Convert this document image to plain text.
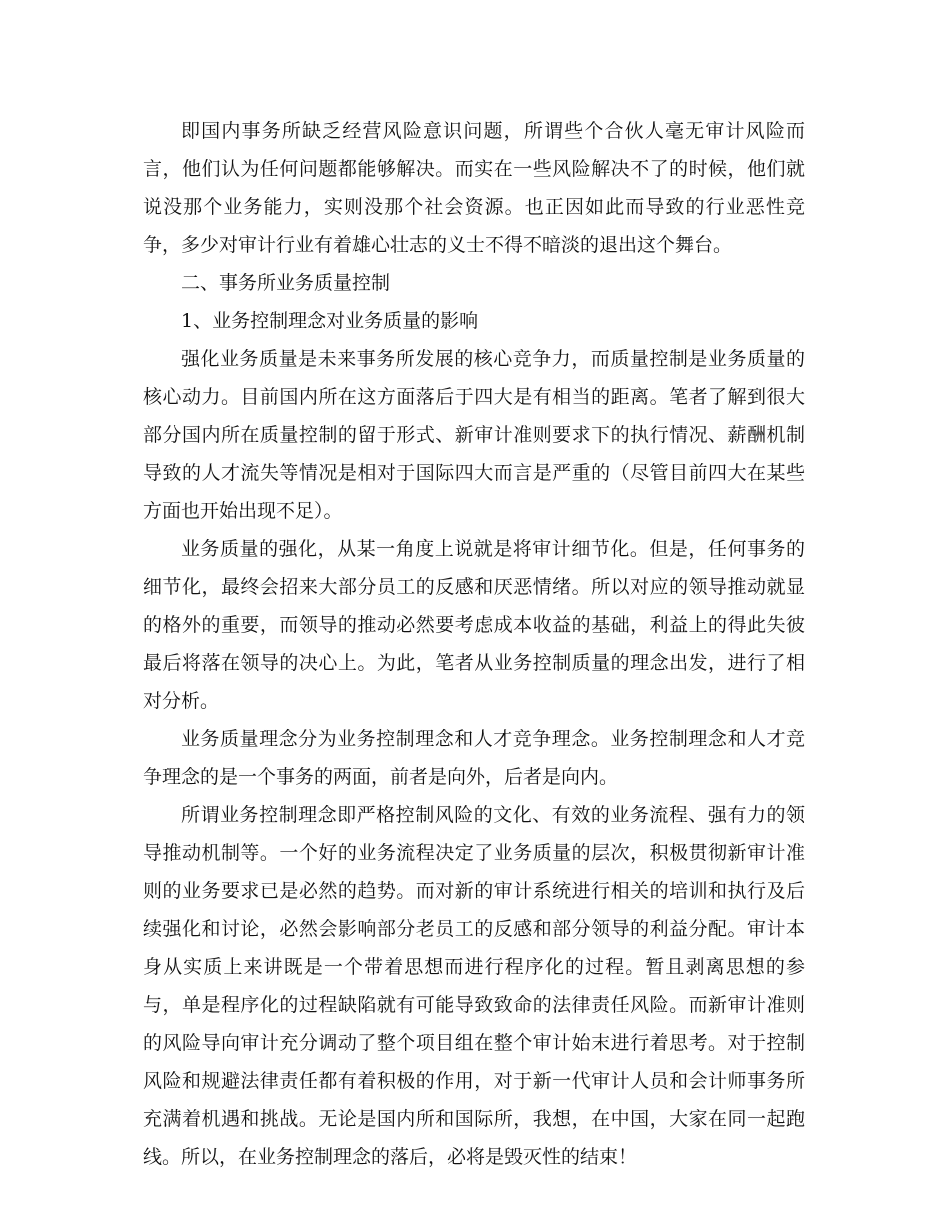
即国内事务所缺乏经营风险意识问题，所谓些个合伙人毫无审计风险而言，他们认为任何问题都能够解决。而实在一些风险解决不了的时候，他们就说没那个业务能力，实则没那个社会资源。也正因如此而导致的行业恶性竞争，多少对审计行业有着雄心壮志的义士不得不暗淡的退出这个舞台。

二、事务所业务质量控制

1、业务控制理念对业务质量的影响

强化业务质量是未来事务所发展的核心竞争力，而质量控制是业务质量的核心动力。目前国内所在这方面落后于四大是有相当的距离。笔者了解到很大部分国内所在质量控制的留于形式、新审计准则要求下的执行情况、薪酬机制导致的人才流失等情况是相对于国际四大而言是严重的（尽管目前四大在某些方面也开始出现不足）。

业务质量的强化，从某一角度上说就是将审计细节化。但是，任何事务的细节化，最终会招来大部分员工的反感和厌恶情绪。所以对应的领导推动就显的格外的重要，而领导的推动必然要考虑成本收益的基础，利益上的得此失彼最后将落在领导的决心上。为此，笔者从业务控制质量的理念出发，进行了相对分析。

业务质量理念分为业务控制理念和人才竞争理念。业务控制理念和人才竞争理念的是一个事务的两面，前者是向外，后者是向内。

所谓业务控制理念即严格控制风险的文化、有效的业务流程、强有力的领导推动机制等。一个好的业务流程决定了业务质量的层次，积极贯彻新审计准则的业务要求已是必然的趋势。而对新的审计系统进行相关的培训和执行及后续强化和讨论，必然会影响部分老员工的反感和部分领导的利益分配。审计本身从实质上来讲既是一个带着思想而进行程序化的过程。暂且剥离思想的参与，单是程序化的过程缺陷就有可能导致致命的法律责任风险。而新审计准则的风险导向审计充分调动了整个项目组在整个审计始末进行着思考。对于控制风险和规避法律责任都有着积极的作用，对于新一代审计人员和会计师事务所充满着机遇和挑战。无论是国内所和国际所，我想，在中国，大家在同一起跑线。所以，在业务控制理念的落后，必将是毁灭性的结束！
